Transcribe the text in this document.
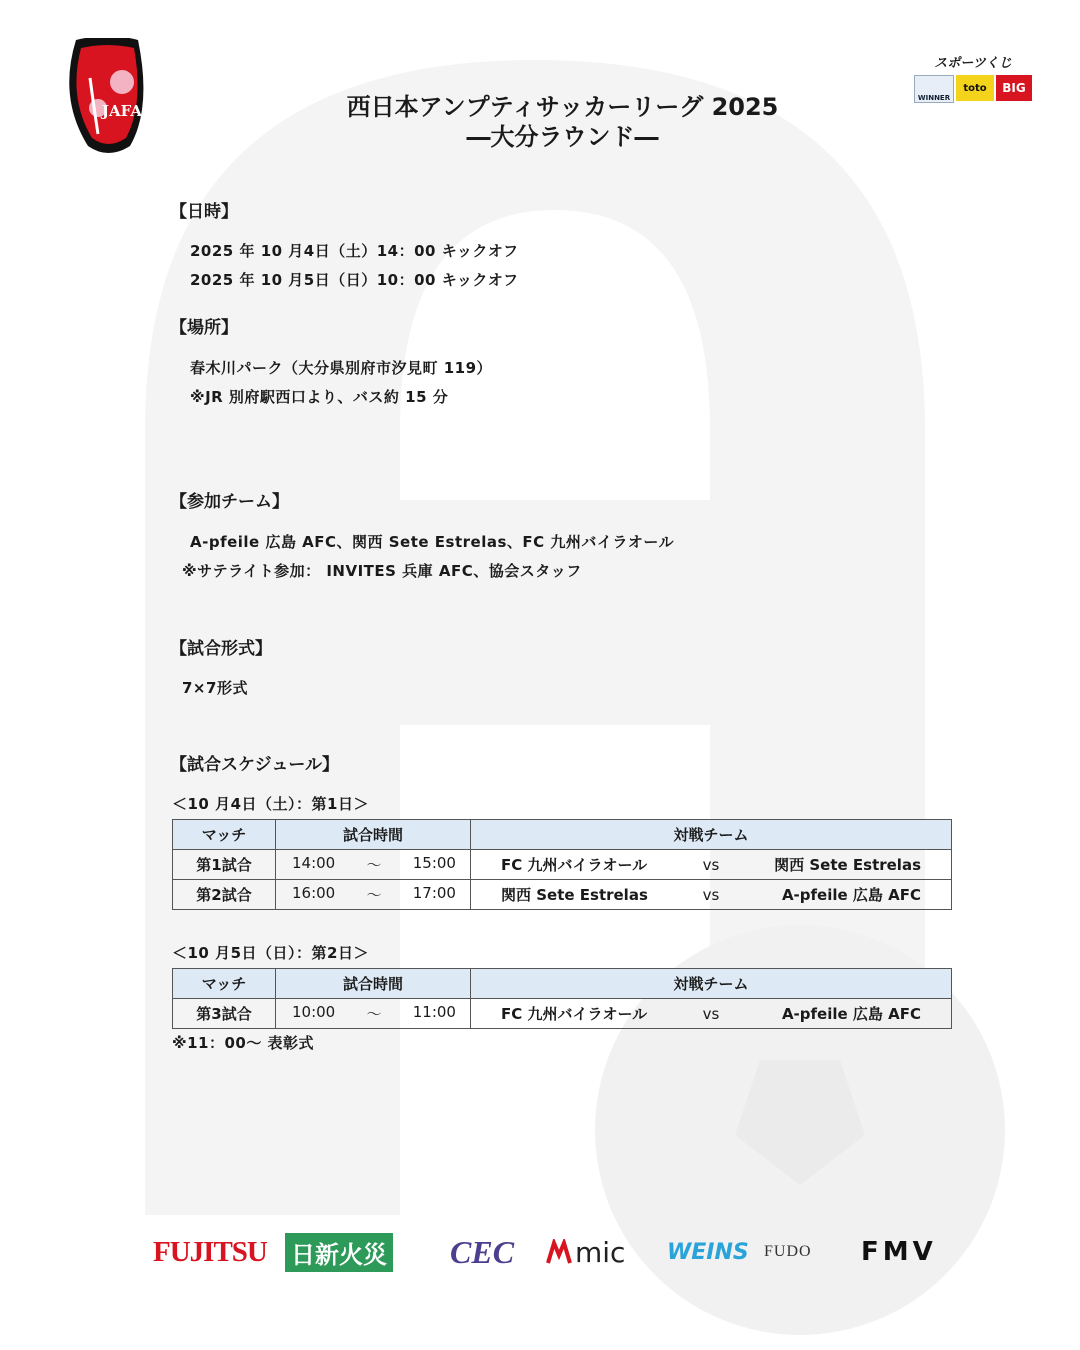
JAFA
スポーツくじ
WINNER
toto BIG
西日本アンプティサッカーリーグ 2025
―大分ラウンド―
【日時】
2025 年 10 月4日（土）14：00 キックオフ
2025 年 10 月5日（日）10：00 キックオフ
【場所】
春木川パーク（大分県別府市汐見町 119）
※JR 別府駅西口より、バス約 15 分
【参加チーム】
A-pfeile 広島 AFC、関西 Sete Estrelas、FC 九州バイラオール
※サテライト参加： INVITES 兵庫 AFC、協会スタッフ
【試合形式】
7×7形式
【試合スケジュール】
＜10 月4日（土）：第1日＞
マッチ	試合時間	対戦チーム
第1試合	14:00 ～ 15:00	FC 九州バイラオール vs 関西 Sete Estrelas

第2試合	16:00 ～ 17:00	関西 Sete Estrelas vs A-pfeile 広島 AFC
＜10 月5日（日）：第2日＞
マッチ	試合時間	対戦チーム
第3試合	10:00 ～ 11:00	FC 九州バイラオール vs A-pfeile 広島 AFC
※11：00～ 表彰式
FUJITSU 日新火災 CEC mic WEINS FUDO FMV
